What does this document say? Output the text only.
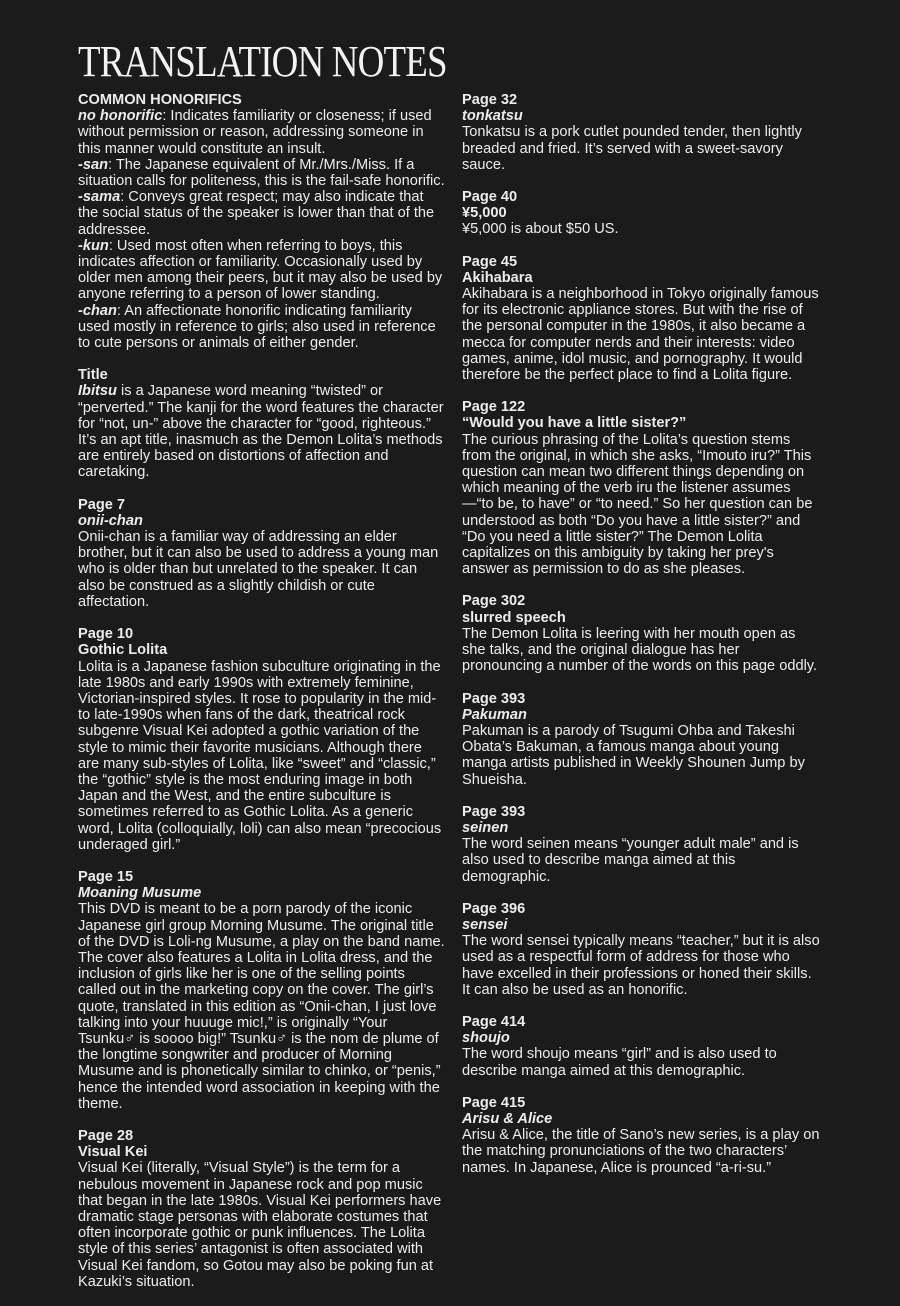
TRANSLATION NOTES
COMMON HONORIFICS

no honorific: Indicates familiarity or closeness; if used without permission or reason, addressing someone in this manner would constitute an insult.

-san: The Japanese equivalent of Mr./Mrs./Miss. If a situation calls for politeness, this is the fail-safe honorific.

-sama: Conveys great respect; may also indicate that the social status of the speaker is lower than that of the addressee.

-kun: Used most often when referring to boys, this indicates affection or familiarity. Occasionally used by older men among their peers, but it may also be used by anyone referring to a person of lower standing.

-chan: An affectionate honorific indicating familiarity used mostly in reference to girls; also used in reference to cute persons or animals of either gender.

Title

Ibitsu is a Japanese word meaning “twisted” or “perverted.” The kanji for the word features the character for “not, un-” above the character for “good, righteous.” It’s an apt title, inasmuch as the Demon Lolita’s methods are entirely based on distortions of affection and caretaking.

Page 7
onii-chan

Onii-chan is a familiar way of addressing an elder brother, but it can also be used to address a young man who is older than but unrelated to the speaker. It can also be construed as a slightly childish or cute affectation.

Page 10
Gothic Lolita

Lolita is a Japanese fashion subculture originating in the late 1980s and early 1990s with extremely feminine, Victorian-inspired styles. It rose to popularity in the mid- to late-1990s when fans of the dark, theatrical rock subgenre Visual Kei adopted a gothic variation of the style to mimic their favorite musicians. Although there are many sub-styles of Lolita, like “sweet” and “classic,” the “gothic” style is the most enduring image in both Japan and the West, and the entire subculture is sometimes referred to as Gothic Lolita. As a generic word, Lolita (colloquially, loli) can also mean “precocious underaged girl.”

Page 15
Moaning Musume

This DVD is meant to be a porn parody of the iconic Japanese girl group Morning Musume. The original title of the DVD is Loli-ng Musume, a play on the band name. The cover also features a Lolita in Lolita dress, and the inclusion of girls like her is one of the selling points called out in the marketing copy on the cover. The girl’s quote, translated in this edition as “Onii-chan, I just love talking into your huuuge mic!,” is originally “Your Tsunku♂ is soooo big!” Tsunku♂ is the nom de plume of the longtime songwriter and producer of Morning Musume and is phonetically similar to chinko, or “penis,” hence the intended word association in keeping with the theme.

Page 28
Visual Kei

Visual Kei (literally, “Visual Style”) is the term for a nebulous movement in Japanese rock and pop music that began in the late 1980s. Visual Kei performers have dramatic stage personas with elaborate costumes that often incorporate gothic or punk influences. The Lolita style of this series’ antagonist is often associated with Visual Kei fandom, so Gotou may also be poking fun at Kazuki’s situation.

Page 32
tonkatsu

Tonkatsu is a pork cutlet pounded tender, then lightly breaded and fried. It’s served with a sweet-savory sauce.

Page 40
¥5,000

¥5,000 is about $50 US.

Page 45
Akihabara

Akihabara is a neighborhood in Tokyo originally famous for its electronic appliance stores. But with the rise of the personal computer in the 1980s, it also became a mecca for computer nerds and their interests: video games, anime, idol music, and pornography. It would therefore be the perfect place to find a Lolita figure.

Page 122
“Would you have a little sister?”

The curious phrasing of the Lolita’s question stems from the original, in which she asks, “Imouto iru?” This question can mean two different things depending on which meaning of the verb iru the listener assumes—“to be, to have” or “to need.” So her question can be understood as both “Do you have a little sister?” and “Do you need a little sister?” The Demon Lolita capitalizes on this ambiguity by taking her prey's answer as permission to do as she pleases.

Page 302
slurred speech

The Demon Lolita is leering with her mouth open as she talks, and the original dialogue has her pronouncing a number of the words on this page oddly.

Page 393
Pakuman

Pakuman is a parody of Tsugumi Ohba and Takeshi Obata’s Bakuman, a famous manga about young manga artists published in Weekly Shounen Jump by Shueisha.

Page 393
seinen

The word seinen means “younger adult male” and is also used to describe manga aimed at this demographic.

Page 396
sensei

The word sensei typically means “teacher,” but it is also used as a respectful form of address for those who have excelled in their professions or honed their skills. It can also be used as an honorific.

Page 414
shoujo

The word shoujo means “girl” and is also used to describe manga aimed at this demographic.

Page 415
Arisu & Alice

Arisu & Alice, the title of Sano’s new series, is a play on the matching pronunciations of the two characters’ names. In Japanese, Alice is prounced “a-ri-su.”
